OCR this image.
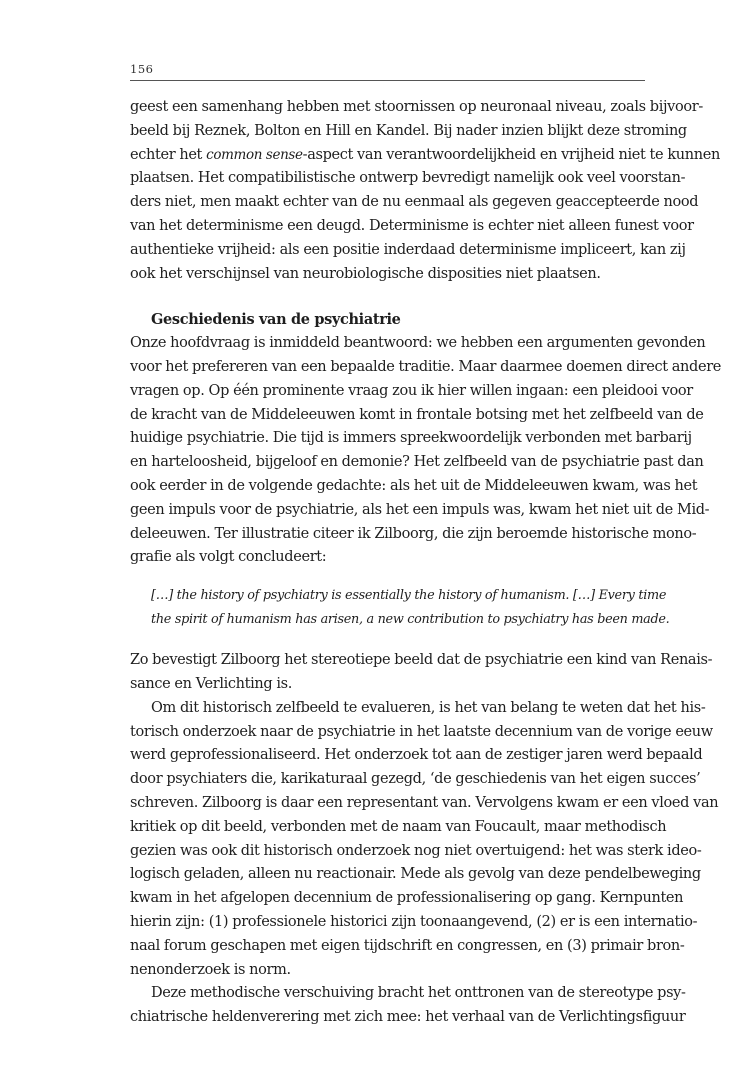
156
geest een samenhang hebben met stoornissen op neuronaal niveau, zoals bijvoor-
beeld bij Reznek, Bolton en Hill en Kandel. Bij nader inzien blijkt deze stroming
echter het common sense-aspect van verantwoordelijkheid en vrijheid niet te kunnen
plaatsen. Het compatibilistische ontwerp bevredigt namelijk ook veel voorstan-
ders niet, men maakt echter van de nu eenmaal als gegeven geaccepteerde nood
van het determinisme een deugd. Determinisme is echter niet alleen funest voor
authentieke vrijheid: als een positie inderdaad determinisme impliceert, kan zij
ook het verschijnsel van neurobiologische disposities niet plaatsen.
Geschiedenis van de psychiatrie
Onze hoofdvraag is inmiddeld beantwoord: we hebben een argumenten gevonden
voor het prefereren van een bepaalde traditie. Maar daarmee doemen direct andere
vragen op. Op één prominente vraag zou ik hier willen ingaan: een pleidooi voor
de kracht van de Middeleeuwen komt in frontale botsing met het zelfbeeld van de
huidige psychiatrie. Die tijd is immers spreekwoordelijk verbonden met barbarij
en harteloosheid, bijgeloof en demonie? Het zelfbeeld van de psychiatrie past dan
ook eerder in de volgende gedachte: als het uit de Middeleeuwen kwam, was het
geen impuls voor de psychiatrie, als het een impuls was, kwam het niet uit de Mid-
deleeuwen. Ter illustratie citeer ik Zilboorg, die zijn beroemde historische mono-
grafie als volgt concludeert:
[…] the history of psychiatry is essentially the history of humanism. […] Every time
the spirit of humanism has arisen, a new contribution to psychiatry has been made.
Zo bevestigt Zilboorg het stereotiepe beeld dat de psychiatrie een kind van Renais-
sance en Verlichting is.
Om dit historisch zelfbeeld te evalueren, is het van belang te weten dat het his-
torisch onderzoek naar de psychiatrie in het laatste decennium van de vorige eeuw
werd geprofessionaliseerd. Het onderzoek tot aan de zestiger jaren werd bepaald
door psychiaters die, karikaturaal gezegd, ‘de geschiedenis van het eigen succes’
schreven. Zilboorg is daar een representant van. Vervolgens kwam er een vloed van
kritiek op dit beeld, verbonden met de naam van Foucault, maar methodisch
gezien was ook dit historisch onderzoek nog niet overtuigend: het was sterk ideo-
logisch geladen, alleen nu reactionair. Mede als gevolg van deze pendelbeweging
kwam in het afgelopen decennium de professionalisering op gang. Kernpunten
hierin zijn: (1) professionele historici zijn toonaangevend, (2) er is een internatio-
naal forum geschapen met eigen tijdschrift en congressen, en (3) primair bron-
nenonderzoek is norm.
Deze methodische verschuiving bracht het onttronen van de stereotype psy-
chiatrische heldenverering met zich mee: het verhaal van de Verlichtingsfiguur
